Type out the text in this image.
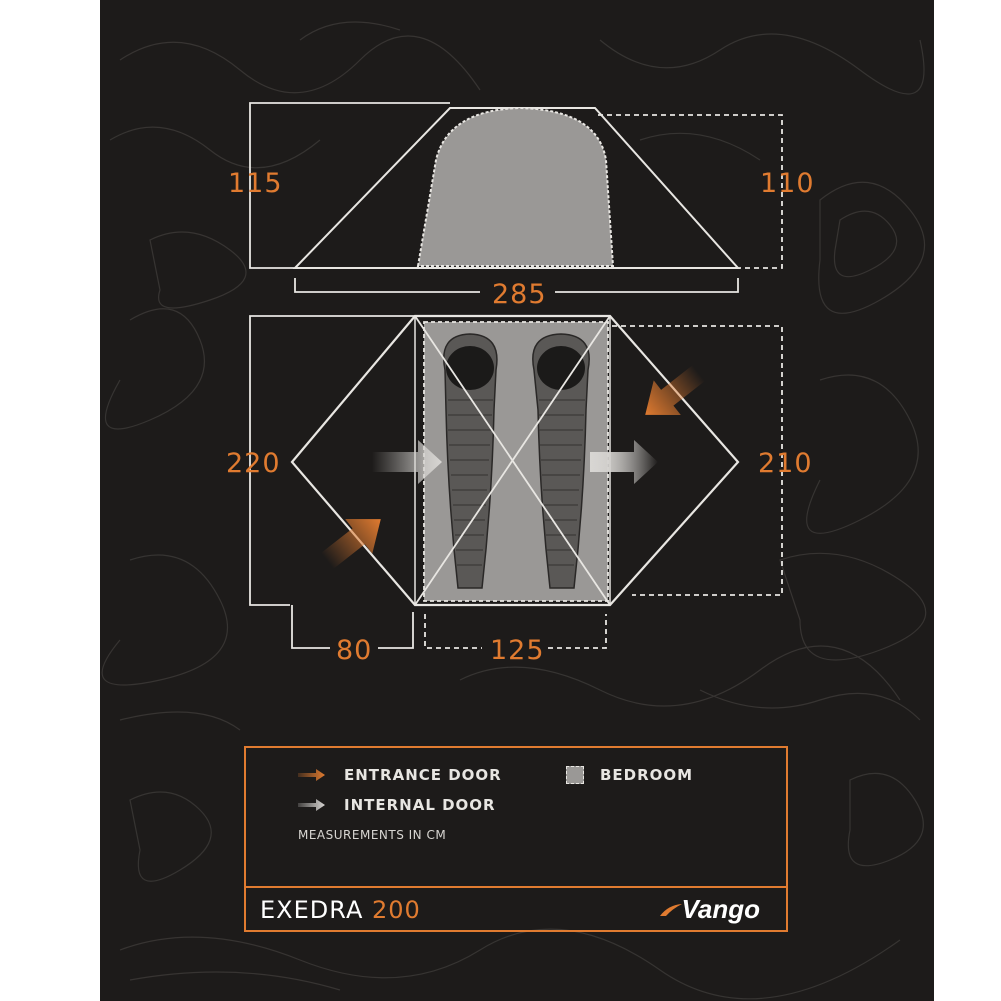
115	110
285
220	210
80	125
ENTRANCE DOOR
INTERNAL DOOR
BEDROOM
MEASUREMENTS IN CM
EXEDRA 200	Vango
